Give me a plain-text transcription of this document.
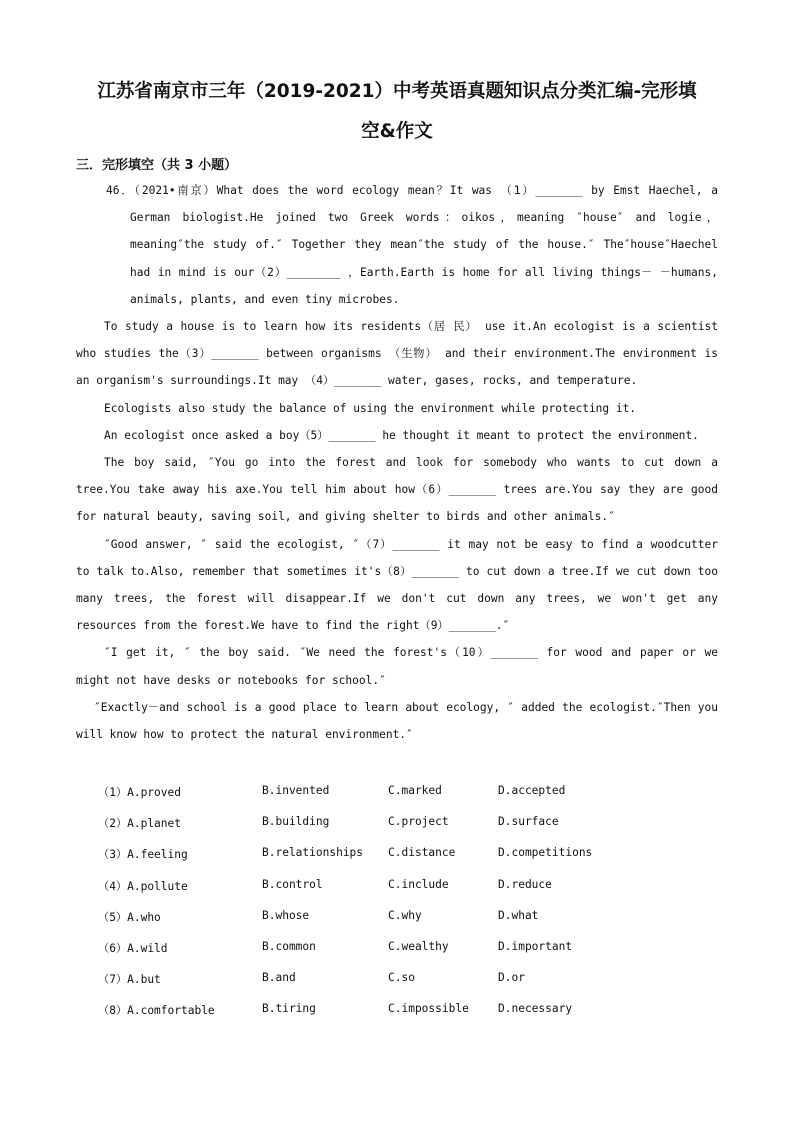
江苏省南京市三年（2019-2021）中考英语真题知识点分类汇编-完形填
空&作文
三．完形填空（共 3 小题）

46．（2021•南京）What does the word ecology mean？It was （1）_______ by Emst Haechel, a German biologist.He joined two Greek words：oikos，meaning ″house″ and logie，meaning″the study of.″ Together they mean″the study of the house.″ The″house″Haechel had in mind is our（2）________ ，Earth.Earth is home for all living things－ －humans, animals, plants, and even tiny microbes.

To study a house is to learn how its residents（居 民） use it.An ecologist is a scientist who studies the（3）_______ between organisms （生物） and their environment.The environment is an organism's surroundings.It may （4）_______ water, gases, rocks, and temperature.

Ecologists also study the balance of using the environment while protecting it.

An ecologist once asked a boy（5）_______ he thought it meant to protect the environment.

The boy said, ″You go into the forest and look for somebody who wants to cut down a tree.You take away his axe.You tell him about how（6）_______ trees are.You say they are good for natural beauty, saving soil, and giving shelter to birds and other animals.″

″Good answer, ″ said the ecologist, ″（7）_______ it may not be easy to find a woodcutter to talk to.Also, remember that sometimes it's（8）_______ to cut down a tree.If we cut down too many trees, the forest will disappear.If we don't cut down any trees, we won't get any resources from the forest.We have to find the right（9）_______.″

″I get it, ″ the boy said. ″We need the forest's（10）_______ for wood and paper or we might not have desks or notebooks for school.″

″Exactly－and school is a good place to learn about ecology, ″ added the ecologist.″Then you will know how to protect the natural environment.″

（1）A.proved	B.invented	C.marked	D.accepted
（2）A.planet	B.building	C.project	D.surface
（3）A.feeling	B.relationships C.distance	D.competitions
（4）A.pollute	B.control	C.include	D.reduce
（5）A.who	B.whose	C.why	D.what
（6）A.wild	B.common	C.wealthy	D.important
（7）A.but	B.and	C.so	D.or
（8）A.comfortable	B.tiring	C.impossible	D.necessary
